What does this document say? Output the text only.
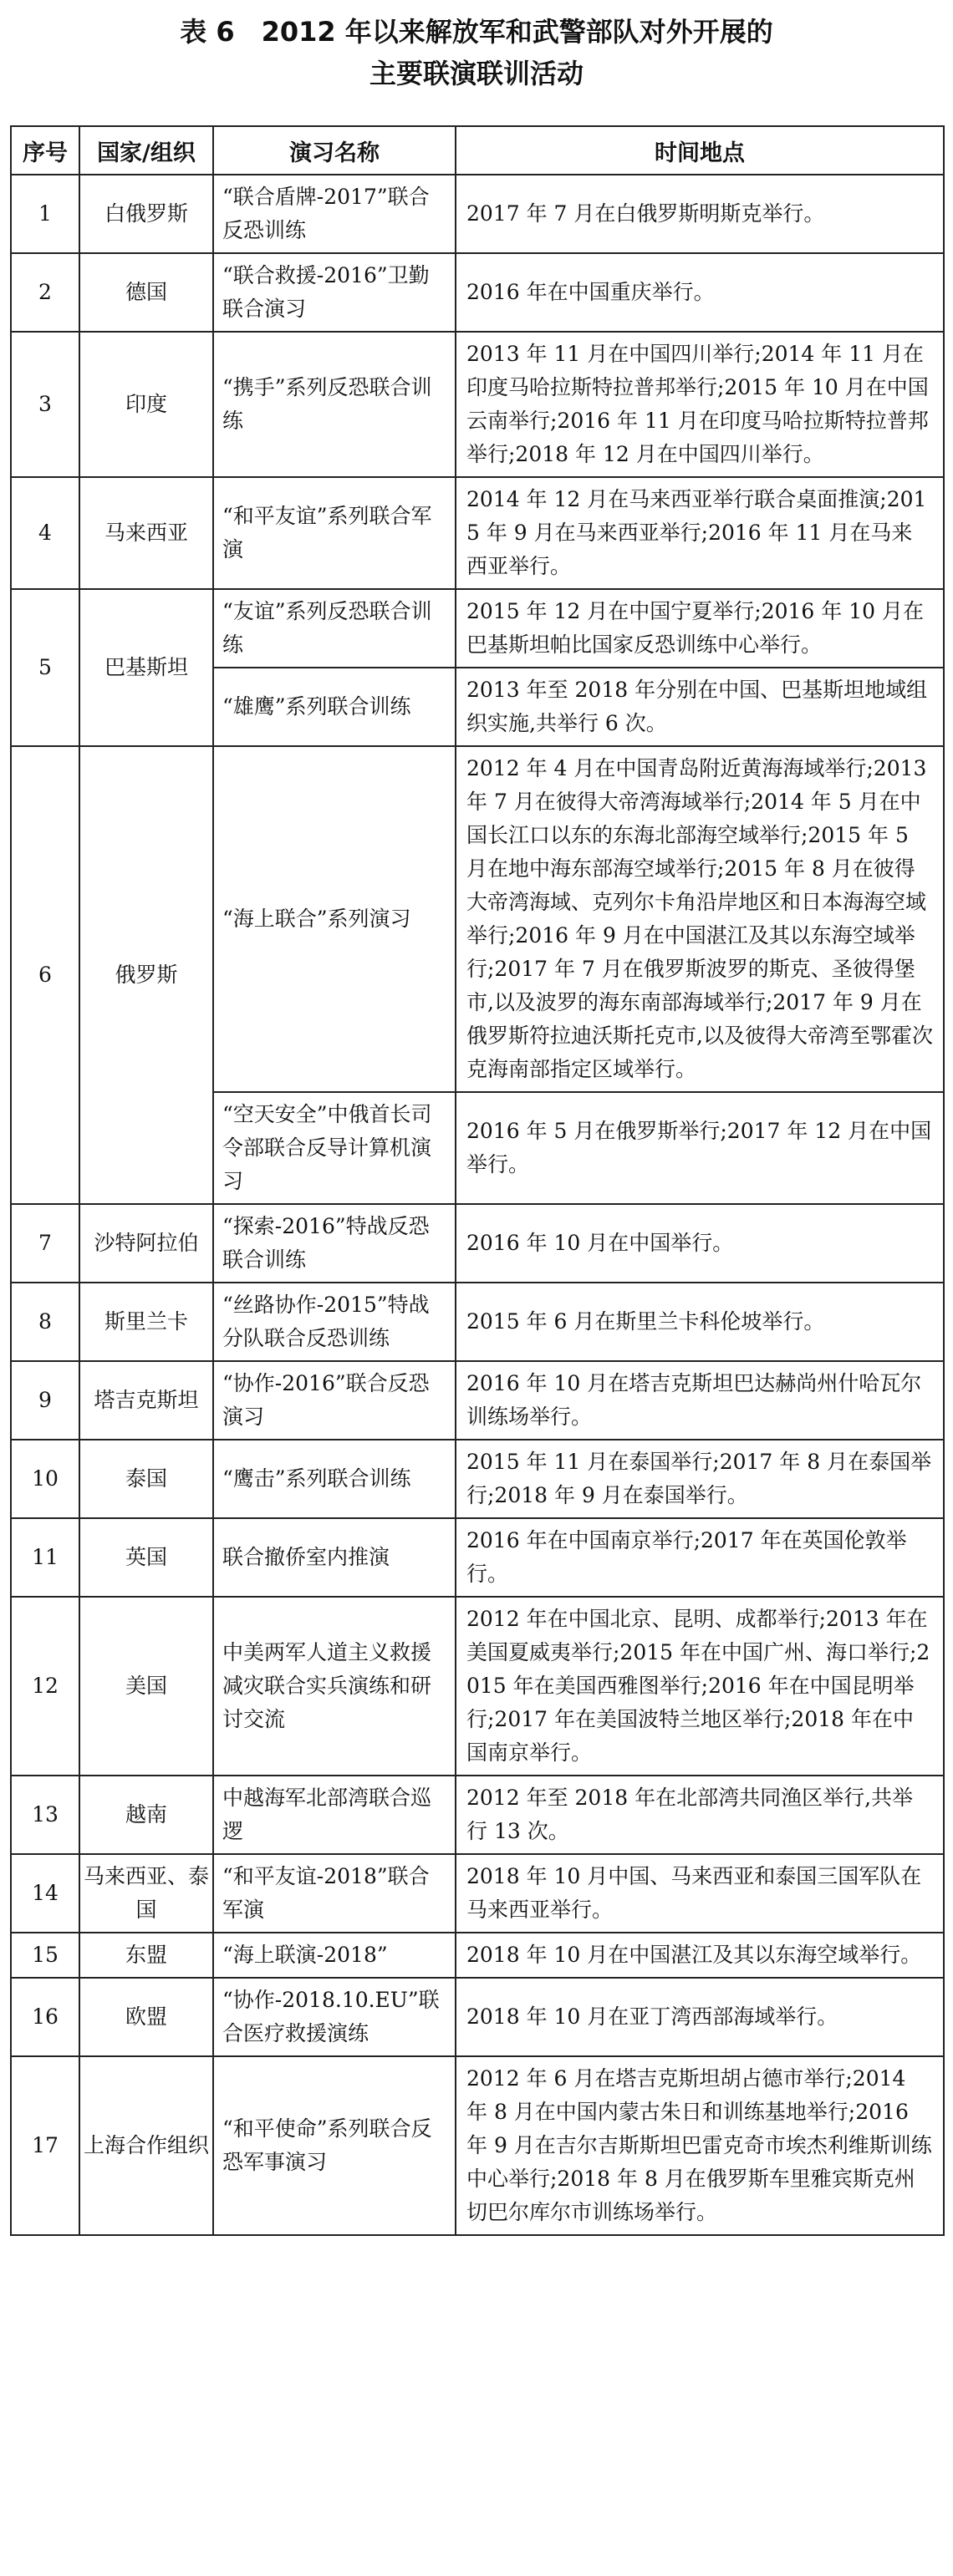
表 6　2012 年以来解放军和武警部队对外开展的
主要联演联训活动
序号	国家/组织	演习名称	时间地点
1	白俄罗斯	“联合盾牌-2017”联合反恐训练	2017 年 7 月在白俄罗斯明斯克举行。
2	德国	“联合救援-2016”卫勤联合演习	2016 年在中国重庆举行。
3	印度	“携手”系列反恐联合训练	2013 年 11 月在中国四川举行;2014 年 11 月在印度马哈拉斯特拉普邦举行;2015 年 10 月在中国云南举行;2016 年 11 月在印度马哈拉斯特拉普邦举行;2018 年 12 月在中国四川举行。
4	马来西亚	“和平友谊”系列联合军演	2014 年 12 月在马来西亚举行联合桌面推演;2015 年 9 月在马来西亚举行;2016 年 11 月在马来西亚举行。
5	巴基斯坦	“友谊”系列反恐联合训练	2015 年 12 月在中国宁夏举行;2016 年 10 月在巴基斯坦帕比国家反恐训练中心举行。
		“雄鹰”系列联合训练	2013 年至 2018 年分别在中国、巴基斯坦地域组织实施,共举行 6 次。
6	俄罗斯	“海上联合”系列演习	2012 年 4 月在中国青岛附近黄海海域举行;2013 年 7 月在彼得大帝湾海域举行;2014 年 5 月在中国长江口以东的东海北部海空域举行;2015 年 5 月在地中海东部海空域举行;2015 年 8 月在彼得大帝湾海域、克列尔卡角沿岸地区和日本海海空域举行;2016 年 9 月在中国湛江及其以东海空域举行;2017 年 7 月在俄罗斯波罗的斯克、圣彼得堡市,以及波罗的海东南部海域举行;2017 年 9 月在俄罗斯符拉迪沃斯托克市,以及彼得大帝湾至鄂霍次克海南部指定区域举行。
		“空天安全”中俄首长司令部联合反导计算机演习	2016 年 5 月在俄罗斯举行;2017 年 12 月在中国举行。
7	沙特阿拉伯	“探索-2016”特战反恐联合训练	2016 年 10 月在中国举行。
8	斯里兰卡	“丝路协作-2015”特战分队联合反恐训练	2015 年 6 月在斯里兰卡科伦坡举行。
9	塔吉克斯坦	“协作-2016”联合反恐演习	2016 年 10 月在塔吉克斯坦巴达赫尚州什哈瓦尔训练场举行。
10	泰国	“鹰击”系列联合训练	2015 年 11 月在泰国举行;2017 年 8 月在泰国举行;2018 年 9 月在泰国举行。
11	英国	联合撤侨室内推演	2016 年在中国南京举行;2017 年在英国伦敦举行。
12	美国	中美两军人道主义救援减灾联合实兵演练和研讨交流	2012 年在中国北京、昆明、成都举行;2013 年在美国夏威夷举行;2015 年在中国广州、海口举行;2015 年在美国西雅图举行;2016 年在中国昆明举行;2017 年在美国波特兰地区举行;2018 年在中国南京举行。
13	越南	中越海军北部湾联合巡逻	2012 年至 2018 年在北部湾共同渔区举行,共举行 13 次。
14	马来西亚、泰国	“和平友谊-2018”联合军演	2018 年 10 月中国、马来西亚和泰国三国军队在马来西亚举行。
15	东盟	“海上联演-2018”	2018 年 10 月在中国湛江及其以东海空域举行。
16	欧盟	“协作-2018.10.EU”联合医疗救援演练	2018 年 10 月在亚丁湾西部海域举行。
17	上海合作组织	“和平使命”系列联合反恐军事演习	2012 年 6 月在塔吉克斯坦胡占德市举行;2014 年 8 月在中国内蒙古朱日和训练基地举行;2016 年 9 月在吉尔吉斯斯坦巴雷克奇市埃杰利维斯训练中心举行;2018 年 8 月在俄罗斯车里雅宾斯克州切巴尔库尔市训练场举行。
